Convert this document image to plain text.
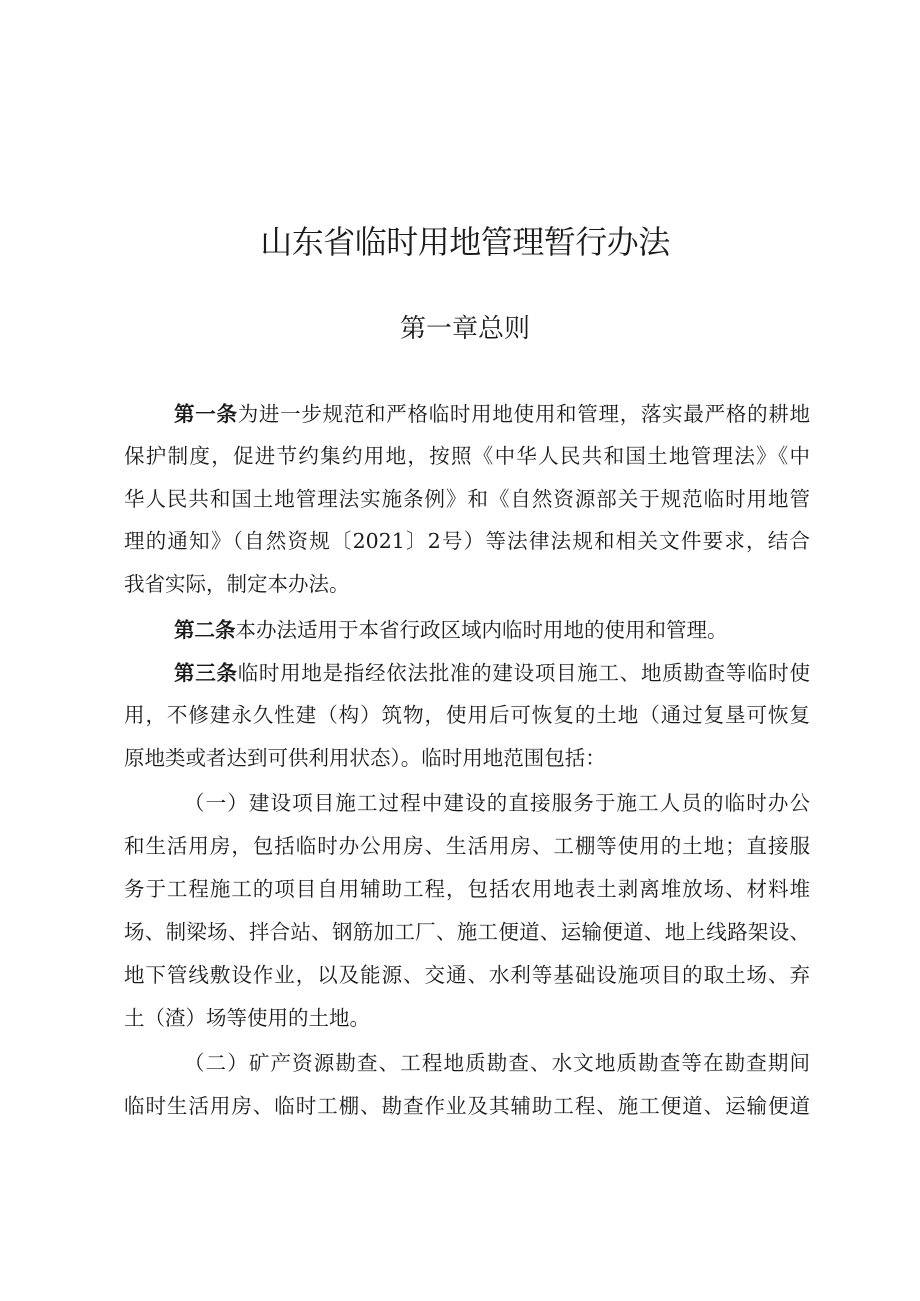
山东省临时用地管理暂行办法
第一章总则
第一条为进一步规范和严格临时用地使用和管理，落实最严格的耕地
保护制度，促进节约集约用地，按照《中华人民共和国土地管理法》《中
华人民共和国土地管理法实施条例》和《自然资源部关于规范临时用地管
理的通知》（自然资规〔2021〕2号）等法律法规和相关文件要求，结合
我省实际，制定本办法。
第二条本办法适用于本省行政区域内临时用地的使用和管理。
第三条临时用地是指经依法批准的建设项目施工、地质勘查等临时使
用，不修建永久性建（构）筑物，使用后可恢复的土地（通过复垦可恢复
原地类或者达到可供利用状态）。临时用地范围包括：
（一）建设项目施工过程中建设的直接服务于施工人员的临时办公
和生活用房，包括临时办公用房、生活用房、工棚等使用的土地；直接服
务于工程施工的项目自用辅助工程，包括农用地表土剥离堆放场、材料堆
场、制梁场、拌合站、钢筋加工厂、施工便道、运输便道、地上线路架设、
地下管线敷设作业，以及能源、交通、水利等基础设施项目的取土场、弃
土（渣）场等使用的土地。
（二）矿产资源勘查、工程地质勘查、水文地质勘查等在勘查期间
临时生活用房、临时工棚、勘查作业及其辅助工程、施工便道、运输便道
